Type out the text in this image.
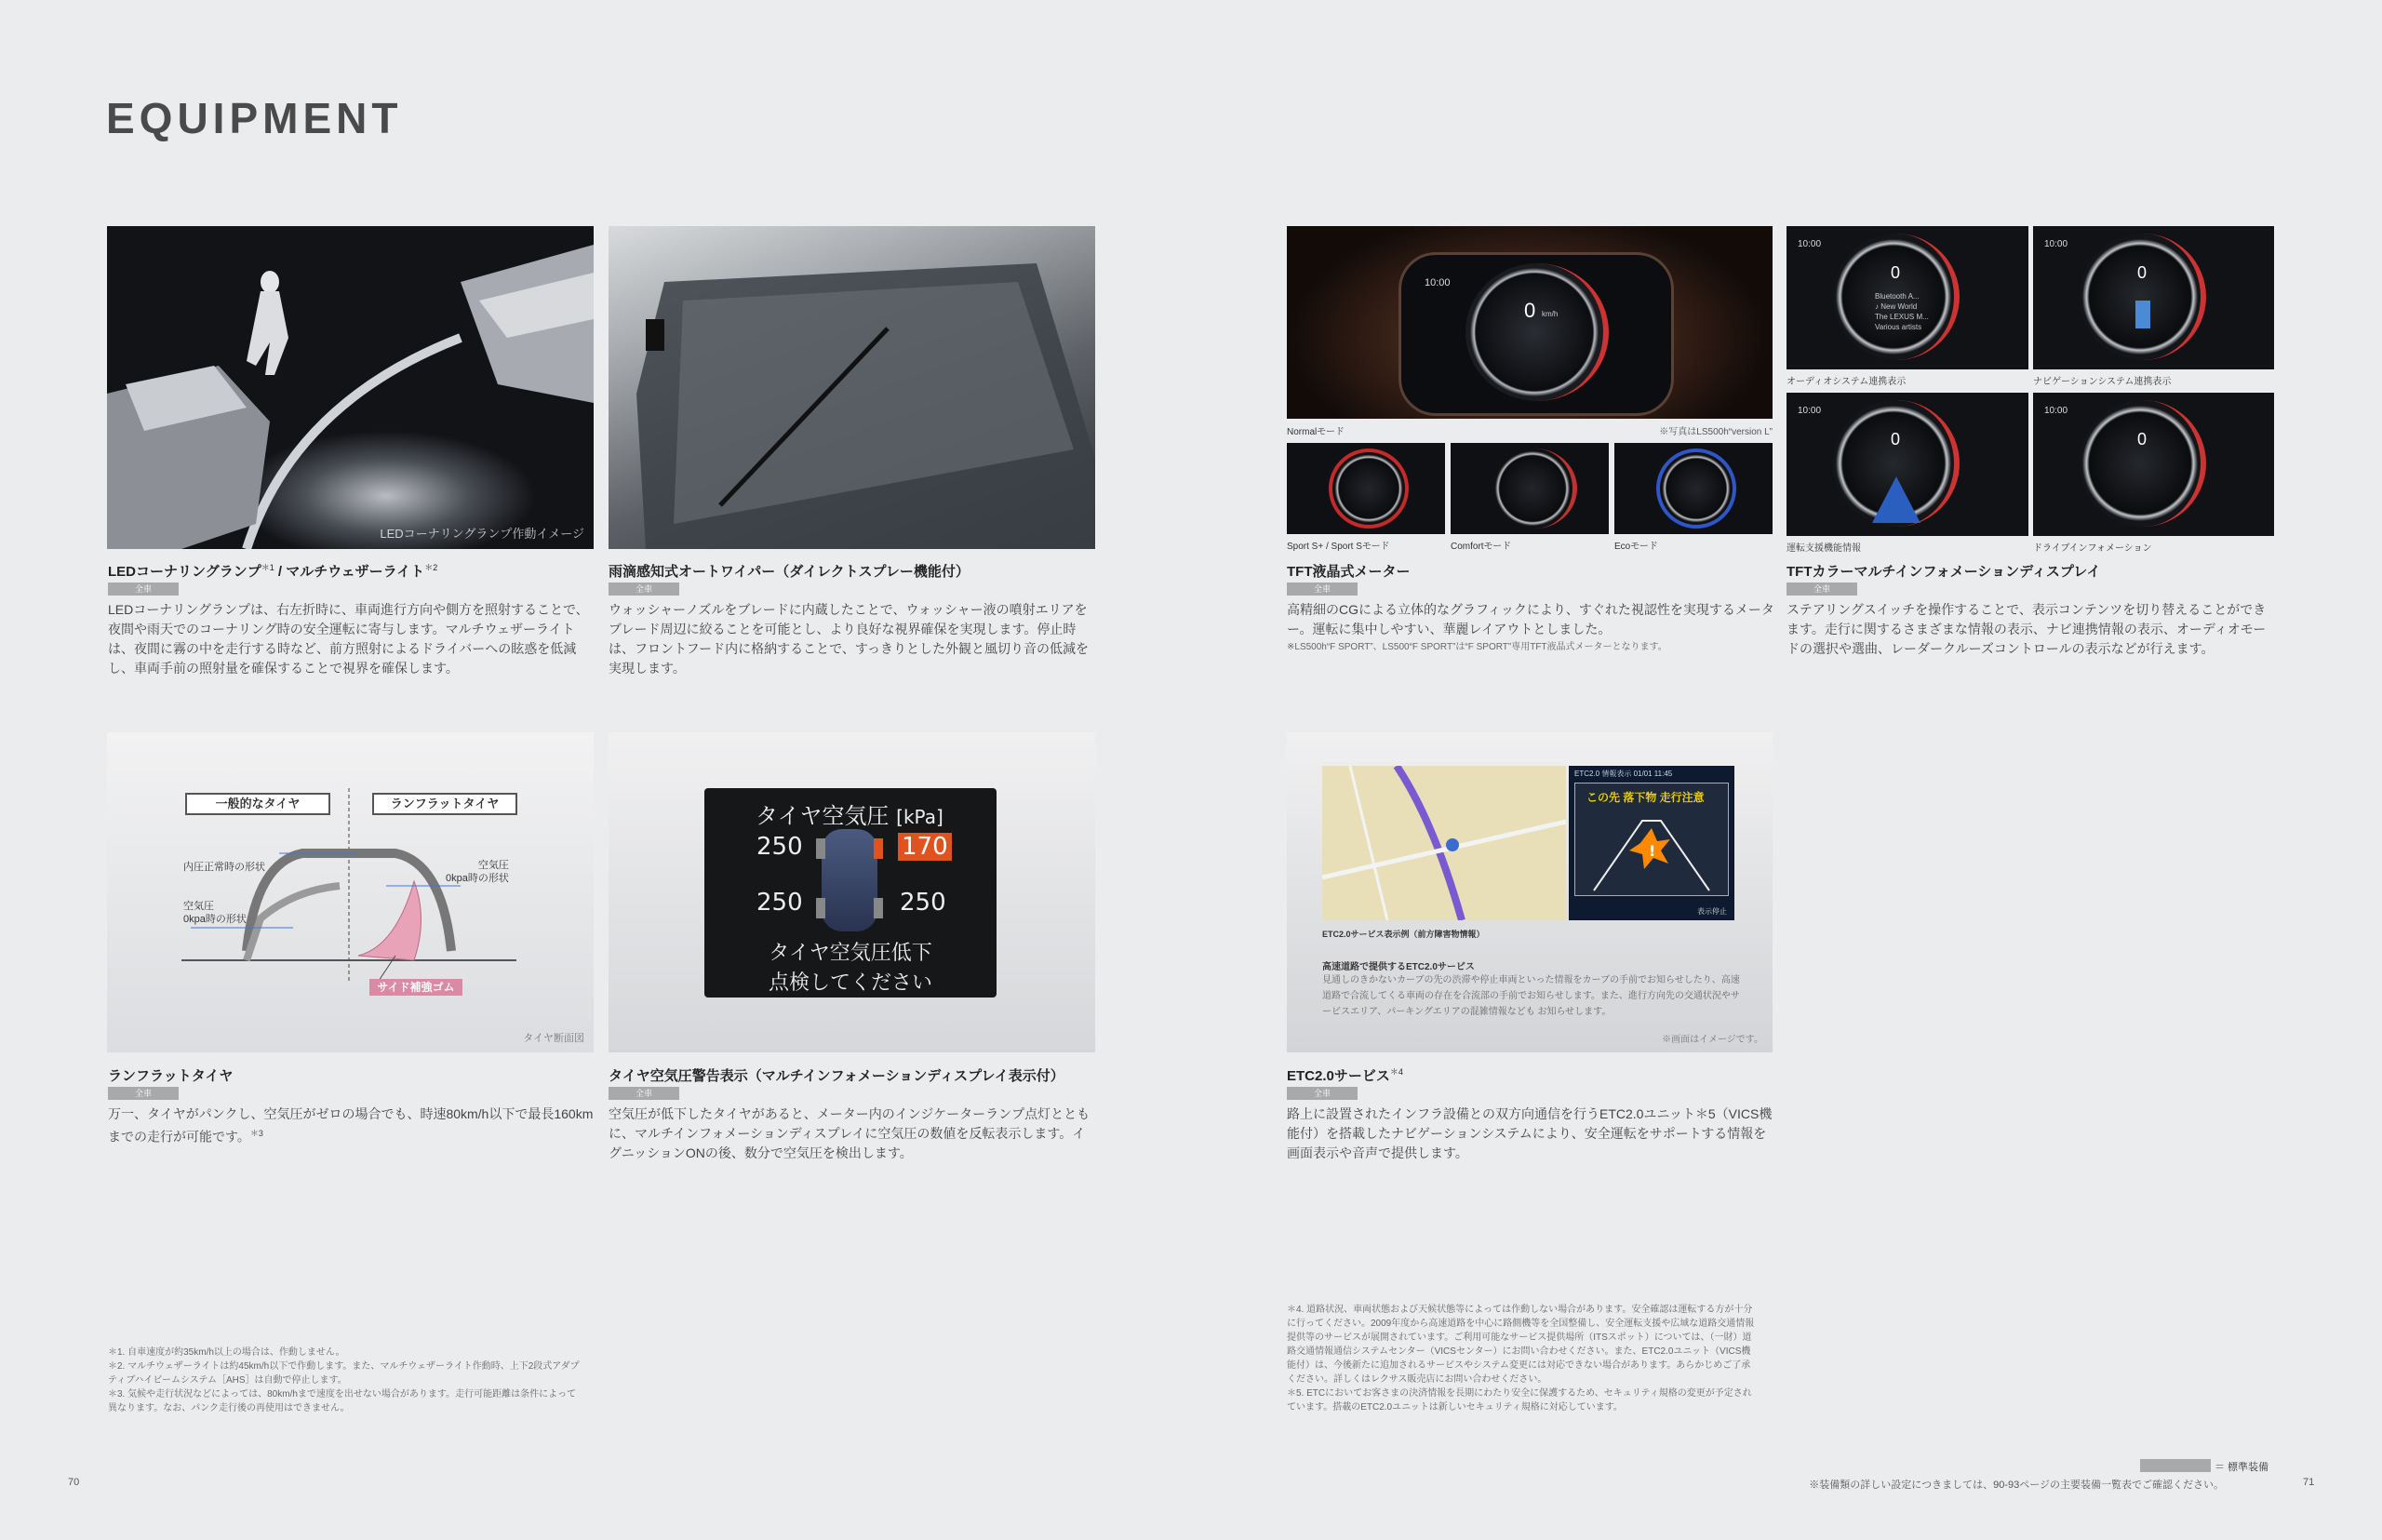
EQUIPMENT
LEDコーナリングランプ作動イメージ
LEDコーナリングランプ$^{*1}$ / マルチウェザーライト$^{*2}$
全車
LEDコーナリングランプは、右左折時に、車両進行方向や側方を照射することで、夜間や雨天でのコーナリング時の安全運転に寄与します。マルチウェザーライトは、夜間に霧の中を走行する時など、前方照射によるドライバーへの眩惑を低減し、車両手前の照射量を確保することで視界を確保します。
雨滴感知式オートワイパー（ダイレクトスプレー機能付）
全車
ウォッシャーノズルをブレードに内蔵したことで、ウォッシャー液の噴射エリアをブレード周辺に絞ることを可能とし、より良好な視界確保を実現します。停止時は、フロントフード内に格納することで、すっきりとした外観と風切り音の低減を実現します。
10:00
0 km/h
Normalモード	※写真はLS500h“version L”
Sport S+ / Sport Sモード	Comfortモード	Ecoモード
10:00
0
Bluetooth A...
♪ New World
The LEXUS M...
Various artists
10:00
0
オーディオシステム連携表示	ナビゲーションシステム連携表示
10:00
0
10:00
0
運転支援機能情報	ドライブインフォメーション
TFT液晶式メーター
全車
高精細のCGによる立体的なグラフィックにより、すぐれた視認性を実現するメーター。運転に集中しやすい、華麗レイアウトとしました。
※LS500h“F SPORT”、LS500“F SPORT”は“F SPORT”専用TFT液晶式メーターとなります。
TFTカラーマルチインフォメーションディスプレイ
全車
ステアリングスイッチを操作することで、表示コンテンツを切り替えることができます。走行に関するさまざまな情報の表示、ナビ連携情報の表示、オーディオモードの選択や選曲、レーダークルーズコントロールの表示などが行えます。
一般的なタイヤ	ランフラットタイヤ
内圧正常時の形状
空気圧
0kpa時の形状
空気圧
0kpa時の形状
サイド補強ゴム
タイヤ断面図
タイヤ空気圧 [kPa]
250	170
250	250
タイヤ空気圧低下
点検してください
ランフラットタイヤ
全車
万一、タイヤがパンクし、空気圧がゼロの場合でも、時速80km/h以下で最長160kmまでの走行が可能です。$^{*3}$
タイヤ空気圧警告表示（マルチインフォメーションディスプレイ表示付）
全車
空気圧が低下したタイヤがあると、メーター内のインジケーターランプ点灯とともに、マルチインフォメーションディスプレイに空気圧の数値を反転表示します。イグニッションONの後、数分で空気圧を検出します。
ETC2.0 情報表示 01/01 11:45
この先 落下物 走行注意
!
表示停止
ETC2.0サービス表示例（前方障害物情報）
高速道路で提供するETC2.0サービス
見通しのきかないカーブの先の渋滞や停止車両といった情報をカーブの手前でお知らせしたり、高速道路で合流してくる車両の存在を合流部の手前でお知らせします。また、進行方向先の交通状況やサービスエリア、パーキングエリアの混雑情報なども お知らせします。
※画面はイメージです。
ETC2.0サービス$^{*4}$
全車
路上に設置されたインフラ設備との双方向通信を行うETC2.0ユニット＊5（VICS機能付）を搭載したナビゲーションシステムにより、安全運転をサポートする情報を画面表示や音声で提供します。
＊1. 自車速度が約35km/h以上の場合は、作動しません。
＊2. マルチウェザーライトは約45km/h以下で作動します。また、マルチウェザーライト作動時、上下2段式アダプティブハイビームシステム［AHS］は自動で停止します。
＊3. 気候や走行状況などによっては、80km/hまで速度を出せない場合があります。走行可能距離は条件によって異なります。なお、パンク走行後の再使用はできません。
＊4. 道路状況、車両状態および天候状態等によっては作動しない場合があります。安全確認は運転する方が十分に行ってください。2009年度から高速道路を中心に路側機等を全国整備し、安全運転支援や広域な道路交通情報提供等のサービスが展開されています。ご利用可能なサービス提供場所（ITSスポット）については、（一財）道路交通情報通信システムセンター（VICSセンター）にお問い合わせください。また、ETC2.0ユニット（VICS機能付）は、今後新たに追加されるサービスやシステム変更には対応できない場合があります。あらかじめご了承ください。詳しくはレクサス販売店にお問い合わせください。
＊5. ETCにおいてお客さまの決済情報を長期にわたり安全に保護するため、セキュリティ規格の変更が予定されています。搭載のETC2.0ユニットは新しいセキュリティ規格に対応しています。
＝ 標準装備
※装備類の詳しい設定につきましては、90-93ページの主要装備一覧表でご確認ください。
70	71
